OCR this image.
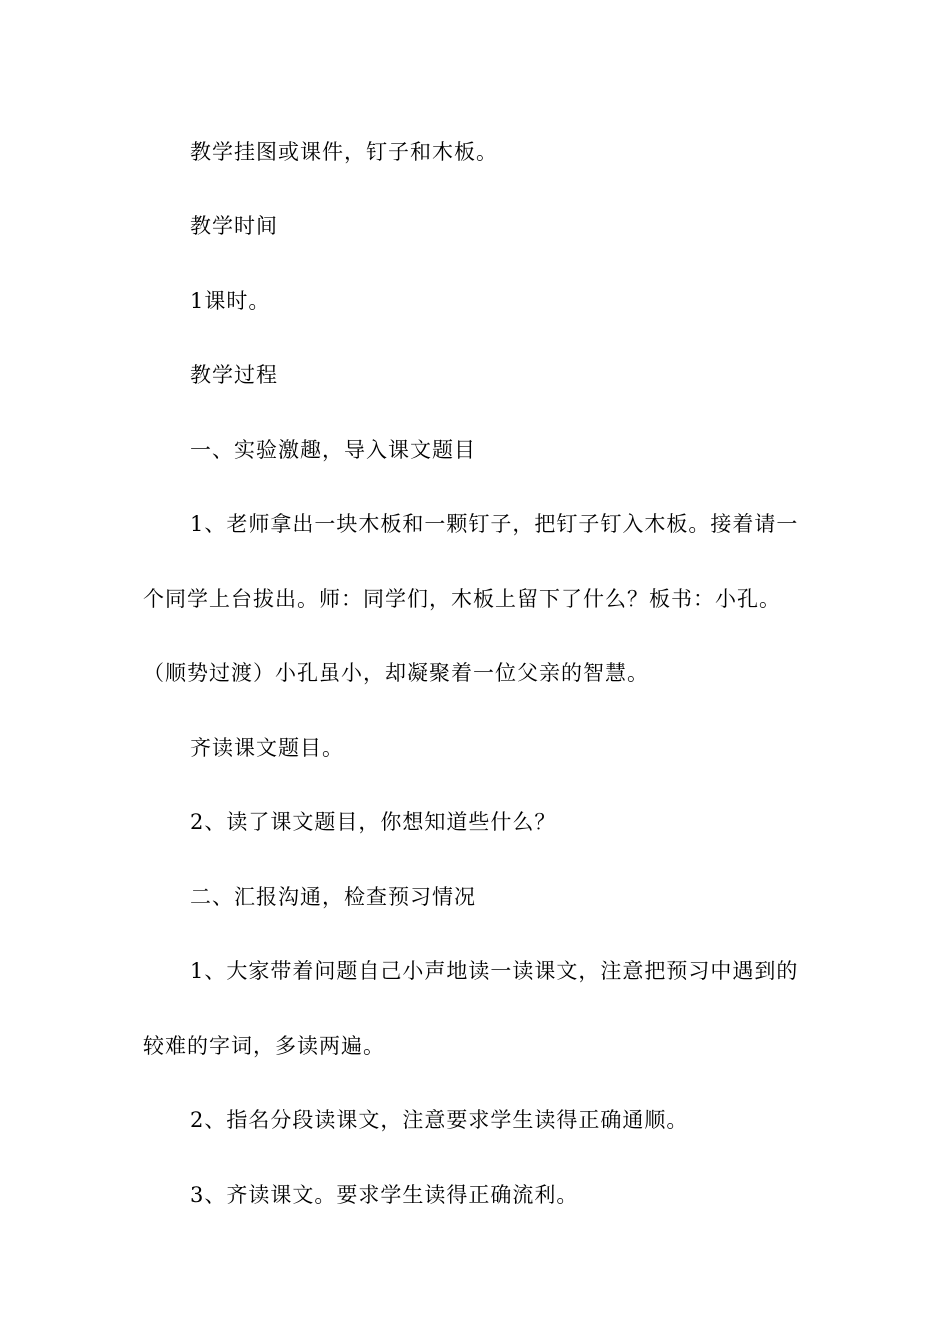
教学挂图或课件，钉子和木板。
教学时间
1课时。
教学过程
一、实验激趣，导入课文题目
1、老师拿出一块木板和一颗钉子，把钉子钉入木板。接着请一
个同学上台拔出。师：同学们，木板上留下了什么？板书：小孔。
（顺势过渡）小孔虽小，却凝聚着一位父亲的智慧。
齐读课文题目。
2、读了课文题目，你想知道些什么？
二、汇报沟通，检查预习情况
1、大家带着问题自己小声地读一读课文，注意把预习中遇到的
较难的字词，多读两遍。
2、指名分段读课文，注意要求学生读得正确通顺。
3、齐读课文。要求学生读得正确流利。
